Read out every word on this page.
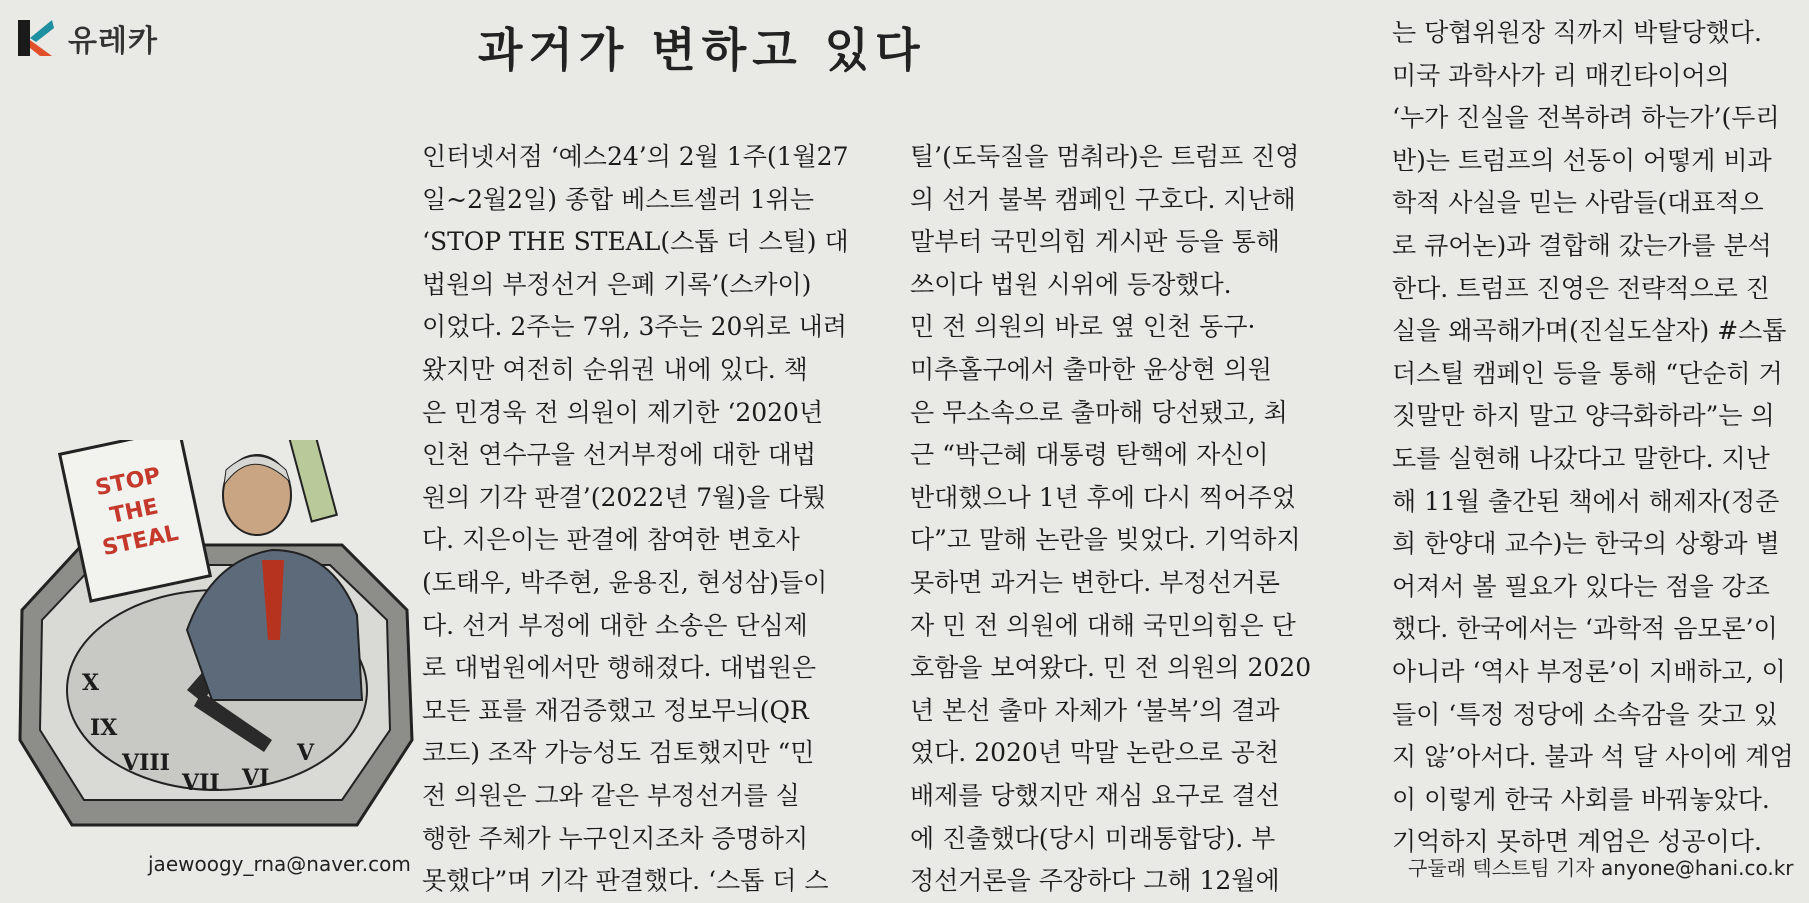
유레카	과거가 변하고 있다
X
IX
VIII
VII VI
V
STOP
THE
STEAL
jaewoogy_rna@naver.com
인터넷서점 ‘예스24’의 2월 1주(1월27
일~2월2일) 종합 베스트셀러 1위는
‘STOP THE STEAL(스톱 더 스틸) 대
법원의 부정선거 은폐 기록’(스카이)
이었다. 2주는 7위, 3주는 20위로 내려
왔지만 여전히 순위권 내에 있다. 책
은 민경욱 전 의원이 제기한 ‘2020년
인천 연수구을 선거부정에 대한 대법
원의 기각 판결’(2022년 7월)을 다뤘
다. 지은이는 판결에 참여한 변호사
(도태우, 박주현, 윤용진, 현성삼)들이
다. 선거 부정에 대한 소송은 단심제
로 대법원에서만 행해졌다. 대법원은
모든 표를 재검증했고 정보무늬(QR
코드) 조작 가능성도 검토했지만 “민
전 의원은 그와 같은 부정선거를 실
행한 주체가 누구인지조차 증명하지
못했다”며 기각 판결했다. ‘스톱 더 스
틸’(도둑질을 멈춰라)은 트럼프 진영
의 선거 불복 캠페인 구호다. 지난해
말부터 국민의힘 게시판 등을 통해
쓰이다 법원 시위에 등장했다.
민 전 의원의 바로 옆 인천 동구·
미추홀구에서 출마한 윤상현 의원
은 무소속으로 출마해 당선됐고, 최
근 “박근혜 대통령 탄핵에 자신이
반대했으나 1년 후에 다시 찍어주었
다”고 말해 논란을 빚었다. 기억하지
못하면 과거는 변한다. 부정선거론
자 민 전 의원에 대해 국민의힘은 단
호함을 보여왔다. 민 전 의원의 2020
년 본선 출마 자체가 ‘불복’의 결과
였다. 2020년 막말 논란으로 공천
배제를 당했지만 재심 요구로 결선
에 진출했다(당시 미래통합당). 부
정선거론을 주장하다 그해 12월에
는 당협위원장 직까지 박탈당했다.
미국 과학사가 리 매킨타이어의
‘누가 진실을 전복하려 하는가’(두리
반)는 트럼프의 선동이 어떻게 비과
학적 사실을 믿는 사람들(대표적으
로 큐어논)과 결합해 갔는가를 분석
한다. 트럼프 진영은 전략적으로 진
실을 왜곡해가며(진실도살자) #스톱
더스틸 캠페인 등을 통해 “단순히 거
짓말만 하지 말고 양극화하라”는 의
도를 실현해 나갔다고 말한다. 지난
해 11월 출간된 책에서 해제자(정준
희 한양대 교수)는 한국의 상황과 별
어져서 볼 필요가 있다는 점을 강조
했다. 한국에서는 ‘과학적 음모론’이
아니라 ‘역사 부정론’이 지배하고, 이
들이 ‘특정 정당에 소속감을 갖고 있
지 않’아서다. 불과 석 달 사이에 계엄
이 이렇게 한국 사회를 바꿔놓았다.
기억하지 못하면 계엄은 성공이다.
구둘래 텍스트팀 기자 anyone@hani.co.kr
